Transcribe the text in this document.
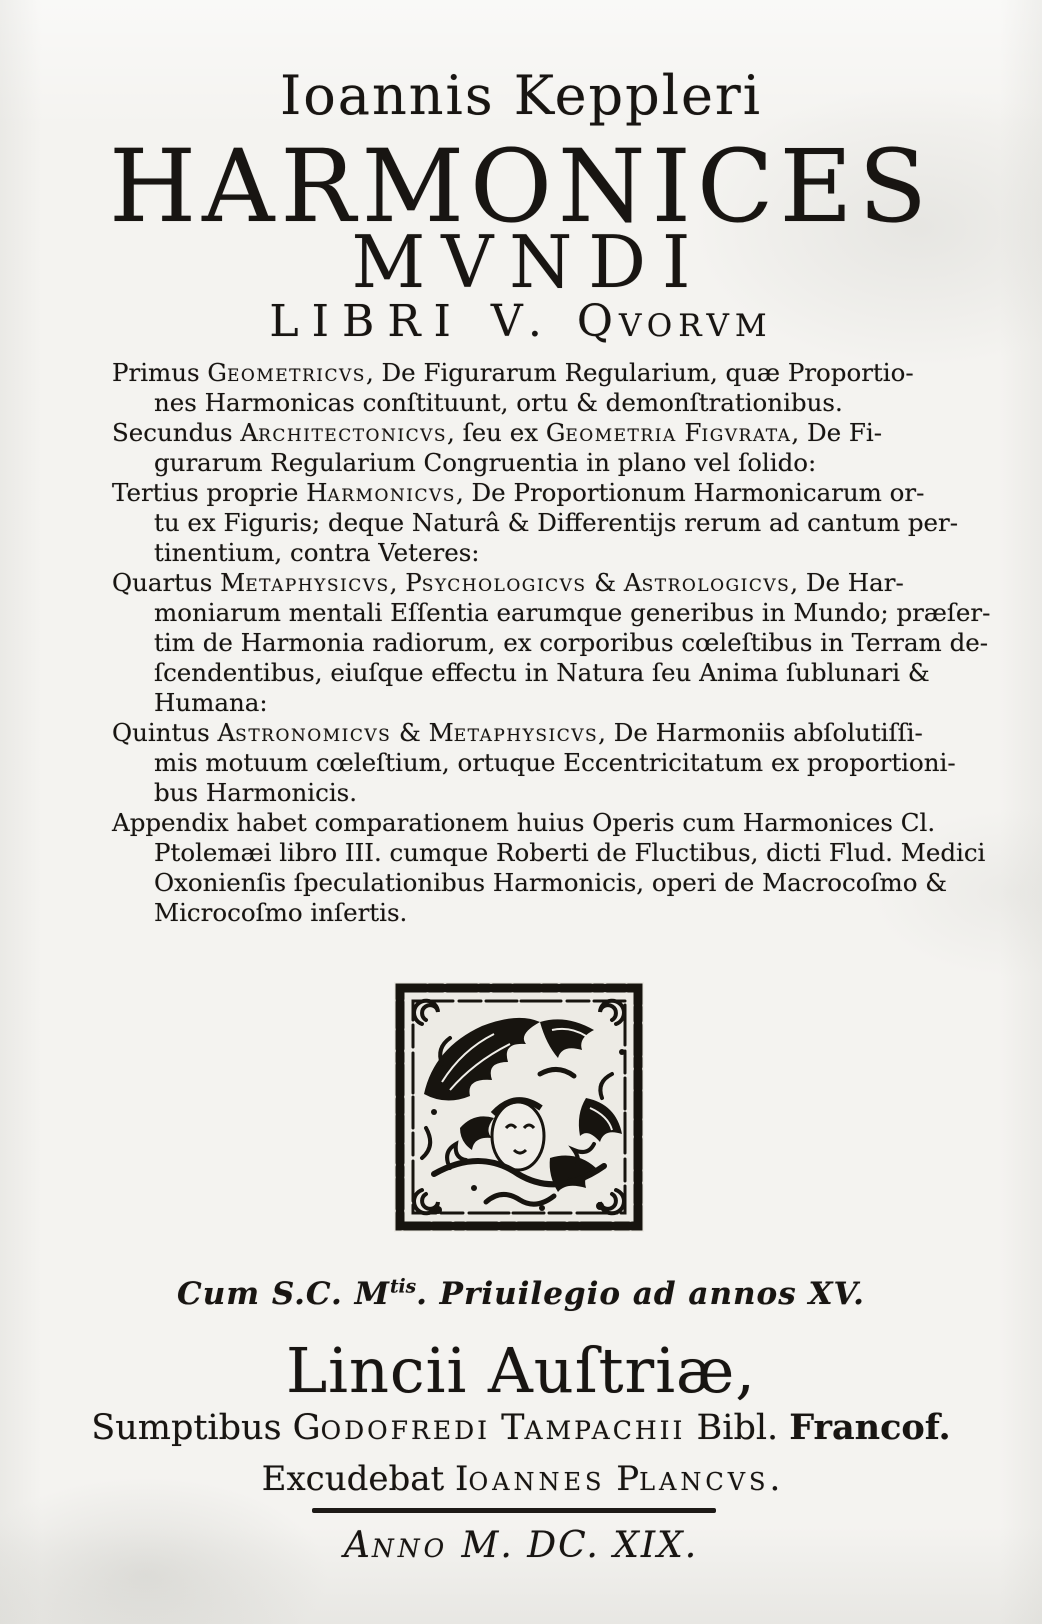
Ioannis Keppleri
HARMONICES
MVNDI
LIBRI V. Qvorvm
Primus Geometricvs, De Figurarum Regularium, quæ Proportio-
nes Harmonicas conſtituunt, ortu & demonſtrationibus.
Secundus Architectonicvs, ſeu ex Geometria Figvrata, De Fi-
gurarum Regularium Congruentia in plano vel ſolido:
Tertius proprie Harmonicvs, De Proportionum Harmonicarum or-
tu ex Figuris; deque Naturâ & Differentijs rerum ad cantum per-
tinentium, contra Veteres:
Quartus Metaphysicvs, Psychologicvs & Astrologicvs, De Har-
moniarum mentali Eſſentia earumque generibus in Mundo; præſer-
tim de Harmonia radiorum, ex corporibus cœleſtibus in Terram de-
ſcendentibus, eiuſque effectu in Natura ſeu Anima ſublunari &
Humana:
Quintus Astronomicvs & Metaphysicvs, De Harmoniis abſolutiſſi-
mis motuum cœleſtium, ortuque Eccentricitatum ex proportioni-
bus Harmonicis.
Appendix habet comparationem huius Operis cum Harmonices Cl.
Ptolemæi libro III. cumque Roberti de Fluctibus, dicti Flud. Medici
Oxonienſis ſpeculationibus Harmonicis, operi de Macrocoſmo &
Microcoſmo inſertis.
Cum S.C. $M^{tis}$. Priuilegio ad annos XV.
Lincii Auſtriæ,
Sumptibus Godofredi Tampachii Bibl. Francof.
Excudebat Ioannes Plancvs.
Anno M. DC. XIX.
